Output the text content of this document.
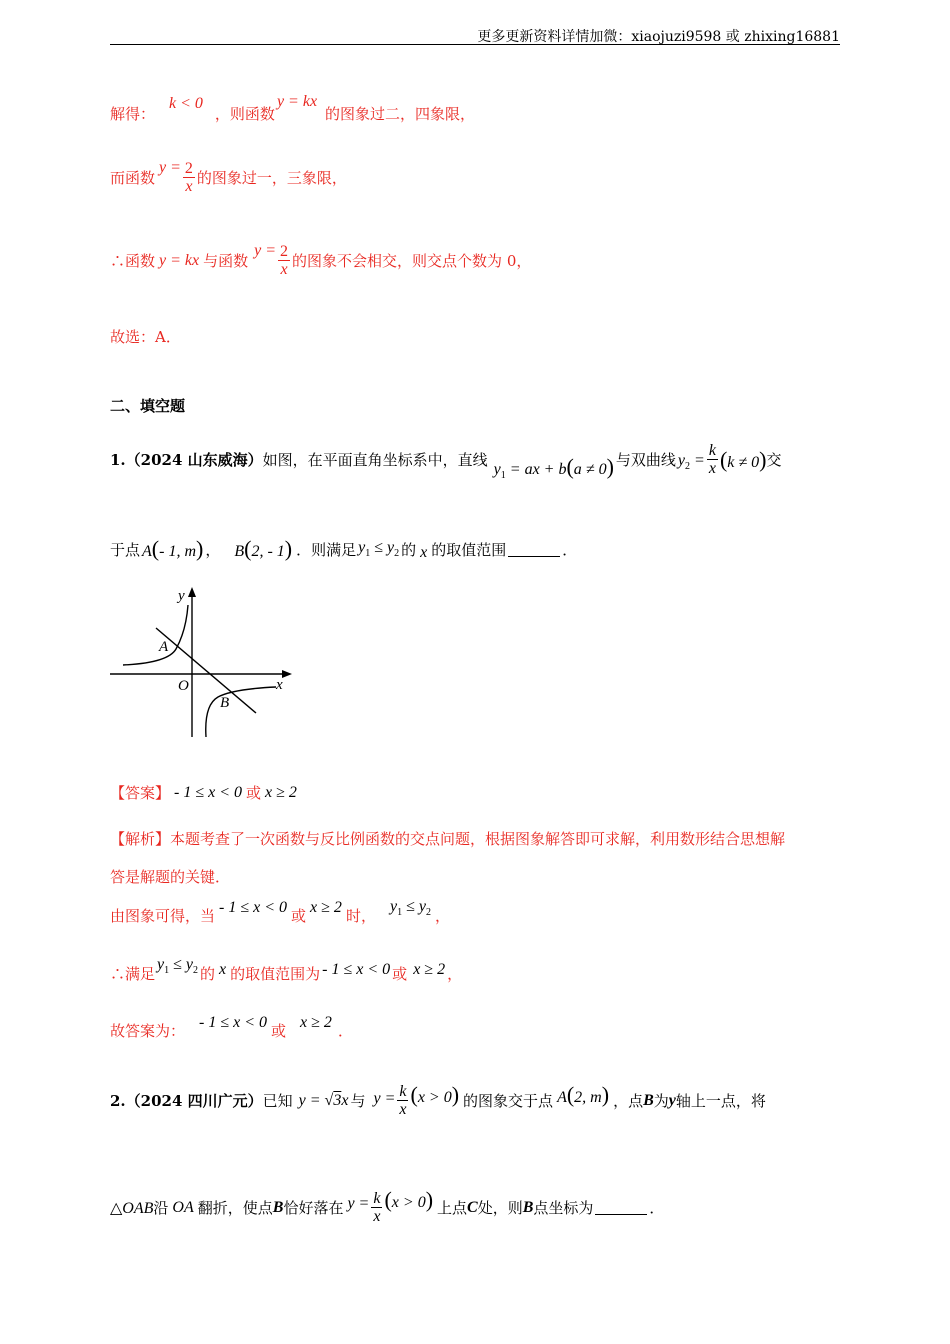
更多更新资料详情加微：xiaojuzi9598 或 zhixing16881
解得：
k < 0
，则函数
y = kx
的图象过二，四象限，
而函数
$y = \frac{2}{x}$ 的图象过一，三象限，
∴函数 y = kx 与函数
$y = \frac{2}{x}$ 的图象不会相交，则交点个数为 0，
故选：A．
二、填空题
1.（2024 山东威海） 如图，在平面直角坐标系中，直线
$y_1$ = ax + b(a ≠ 0) 与双曲线 $y_2 = \frac{k}{x} (k \ne 0)$ 交
于点 A(- 1, m) ， B(2, - 1) ．则满足 $y_1 \le y_2$ 的 x 的取值范围	．
y
x
O
A
B
【答案】 - 1 ≤ x < 0 或 x ≥ 2
【解析】 本题考查了一次函数与反比例函数的交点问题，根据图象解答即可求解，利用数形结合思想解
答是解题的关键．
由图象可得，当 - 1 ≤ x < 0 或 x ≥ 2 时，
$y_1 \le y_2$ ，
∴满足
$y_1 \le y_2$ 的 x 的取值范围为 - 1 ≤ x < 0 或 x ≥ 2 ，
故答案为： - 1 ≤ x < 0 或 x ≥ 2 ．
2.（2024 四川广元） 已知 y = √3x 与 $y = \frac{k}{x} (x > 0)$ 的图象交于点 A(2, m) ，点 B 为 y 轴上一点，将
△OAB 沿 OA 翻折，使点 B 恰好落在 $y = \frac{k}{x} (x > 0)$ 上点 C 处，则 B 点坐标为	．
